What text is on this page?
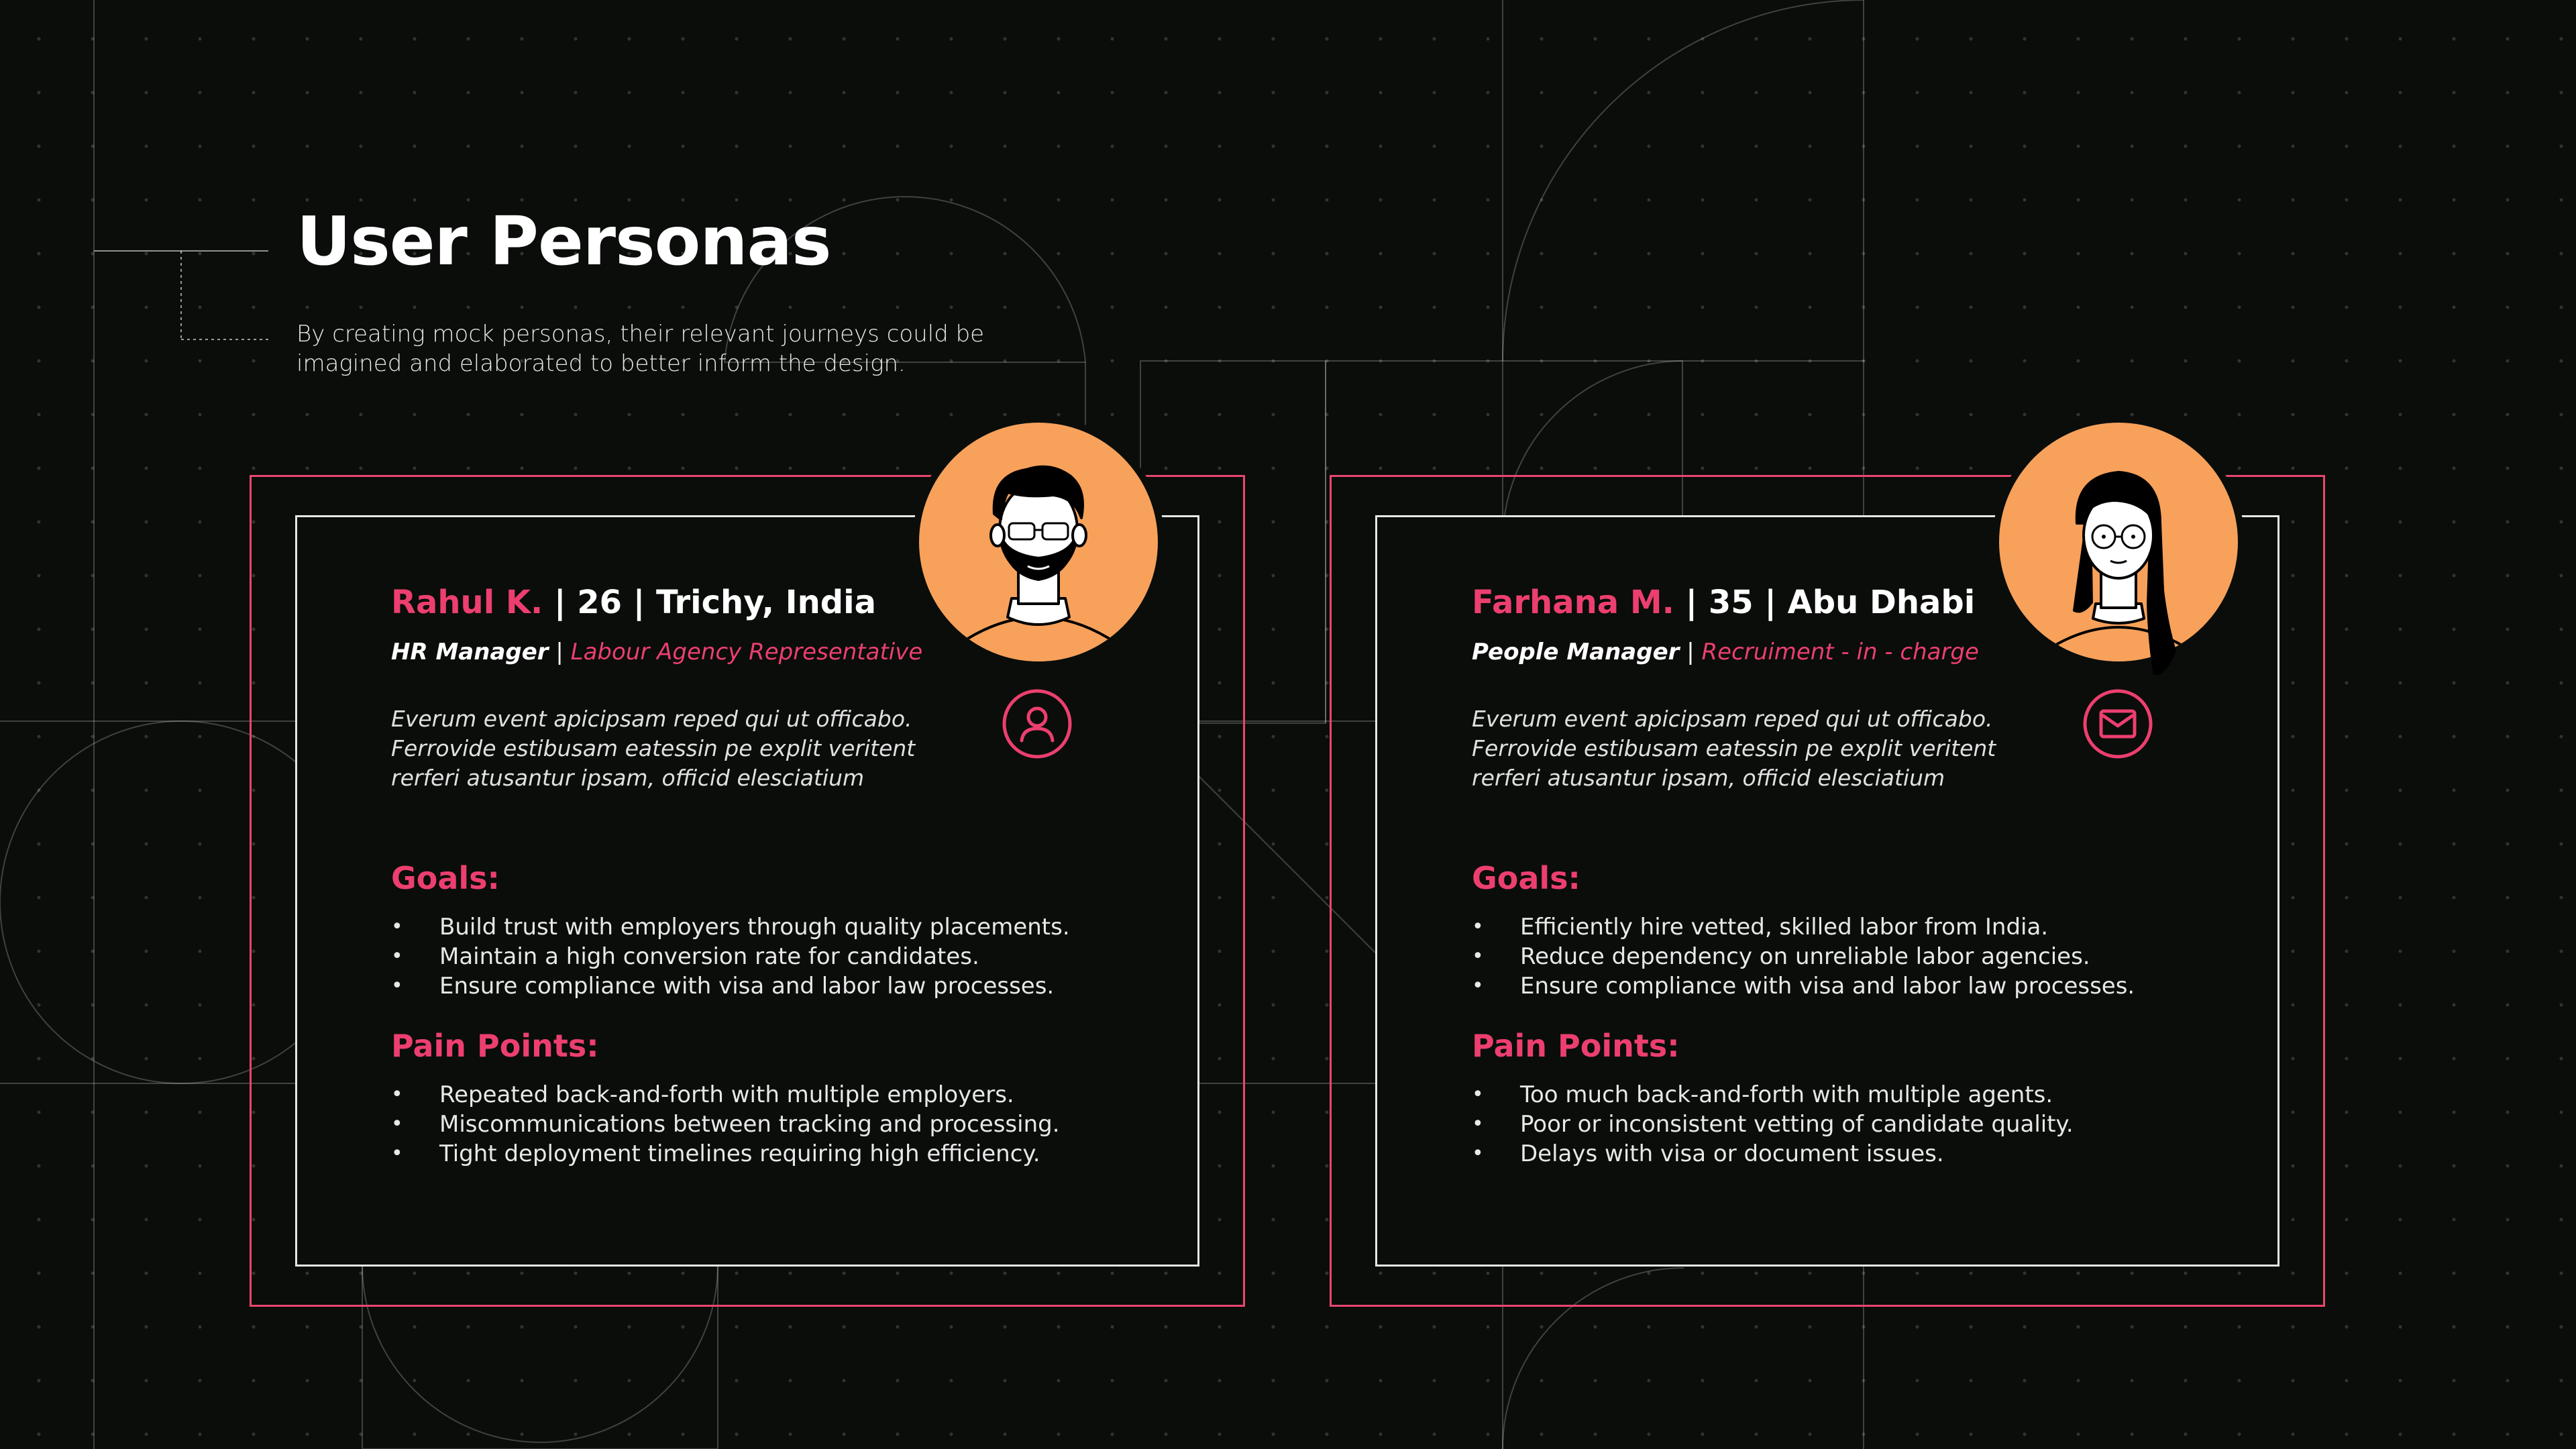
User Personas

By creating mock personas, their relevant journeys could be
imagined and elaborated to better inform the design.

Rahul K. | 26 | Trichy, India

HR Manager | Labour Agency Representative

Everum event apicipsam reped qui ut officabo.
Ferrovide estibusam eatessin pe explit veritent
rerferi atusantur ipsam, officid elesciatium

Goals:
• Build trust with employers through quality placements.
• Maintain a high conversion rate for candidates.
• Ensure compliance with visa and labor law processes.
Pain Points:
• Repeated back-and-forth with multiple employers.
• Miscommunications between tracking and processing.
• Tight deployment timelines requiring high efficiency.

Farhana M. | 35 | Abu Dhabi

People Manager | Recruiment - in - charge

Everum event apicipsam reped qui ut officabo.
Ferrovide estibusam eatessin pe explit veritent
rerferi atusantur ipsam, officid elesciatium

Goals:
• Efficiently hire vetted, skilled labor from India.
• Reduce dependency on unreliable labor agencies.
• Ensure compliance with visa and labor law processes.
Pain Points:
• Too much back-and-forth with multiple agents.
• Poor or inconsistent vetting of candidate quality.
• Delays with visa or document issues.
